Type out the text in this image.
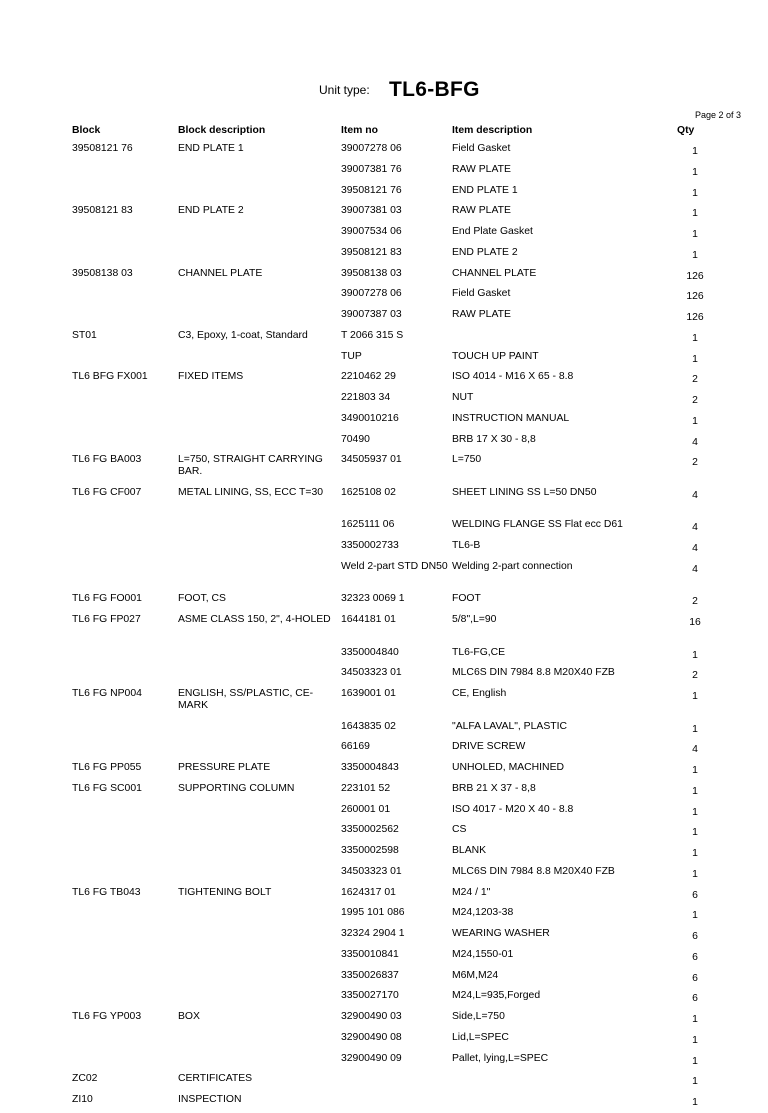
Unit type: TL6-BFG
Page 2 of 3
Block	Block description	Item no	Item description	Qty
39508121 76	END PLATE 1	39007278 06	Field Gasket	1
		39007381 76	RAW PLATE	1
		39508121 76	END PLATE 1	1
39508121 83	END PLATE 2	39007381 03	RAW PLATE	1
		39007534 06	End Plate Gasket	1
		39508121 83	END PLATE 2	1
39508138 03	CHANNEL PLATE	39508138 03	CHANNEL PLATE	126
		39007278 06	Field Gasket	126
		39007387 03	RAW PLATE	126
ST01	C3, Epoxy, 1-coat, Standard	T 2066 315 S		1
		TUP	TOUCH UP PAINT	1
TL6 BFG FX001	FIXED ITEMS	2210462 29	ISO 4014 - M16 X 65 - 8.8	2
		221803 34	NUT	2
		3490010216	INSTRUCTION MANUAL	1
		70490	BRB 17 X 30 - 8,8	4
TL6 FG BA003	L=750, STRAIGHT CARRYING BAR.	34505937 01	L=750	2
TL6 FG CF007	METAL LINING, SS, ECC T=30	1625108 02	SHEET LINING SS L=50 DN50	4
		1625111 06	WELDING FLANGE SS Flat ecc D61	4
		3350002733	TL6-B	4
		Weld 2-part STD DN50	Welding 2-part connection	4
TL6 FG FO001	FOOT, CS	32323 0069 1	FOOT	2
TL6 FG FP027	ASME CLASS 150, 2", 4-HOLED	1644181 01	5/8",L=90	16
		3350004840	TL6-FG,CE	1
		34503323 01	MLC6S DIN 7984 8.8 M20X40 FZB	2
TL6 FG NP004	ENGLISH, SS/PLASTIC, CE-MARK	1639001 01	CE, English	1
		1643835 02	"ALFA LAVAL", PLASTIC	1
		66169	DRIVE SCREW	4
TL6 FG PP055	PRESSURE PLATE	3350004843	UNHOLED, MACHINED	1
TL6 FG SC001	SUPPORTING COLUMN	223101 52	BRB 21 X 37 - 8,8	1
		260001 01	ISO 4017 - M20 X 40 - 8.8	1
		3350002562	CS	1
		3350002598	BLANK	1
		34503323 01	MLC6S DIN 7984 8.8 M20X40 FZB	1
TL6 FG TB043	TIGHTENING BOLT	1624317 01	M24 / 1"	6
		1995 101 086	M24,1203-38	1
		32324 2904 1	WEARING WASHER	6
		3350010841	M24,1550-01	6
		3350026837	M6M,M24	6
		3350027170	M24,L=935,Forged	6
TL6 FG YP003	BOX	32900490 03	Side,L=750	1
		32900490 08	Lid,L=SPEC	1
		32900490 09	Pallet, lying,L=SPEC	1
ZC02	CERTIFICATES			1
ZI10	INSPECTION			1
